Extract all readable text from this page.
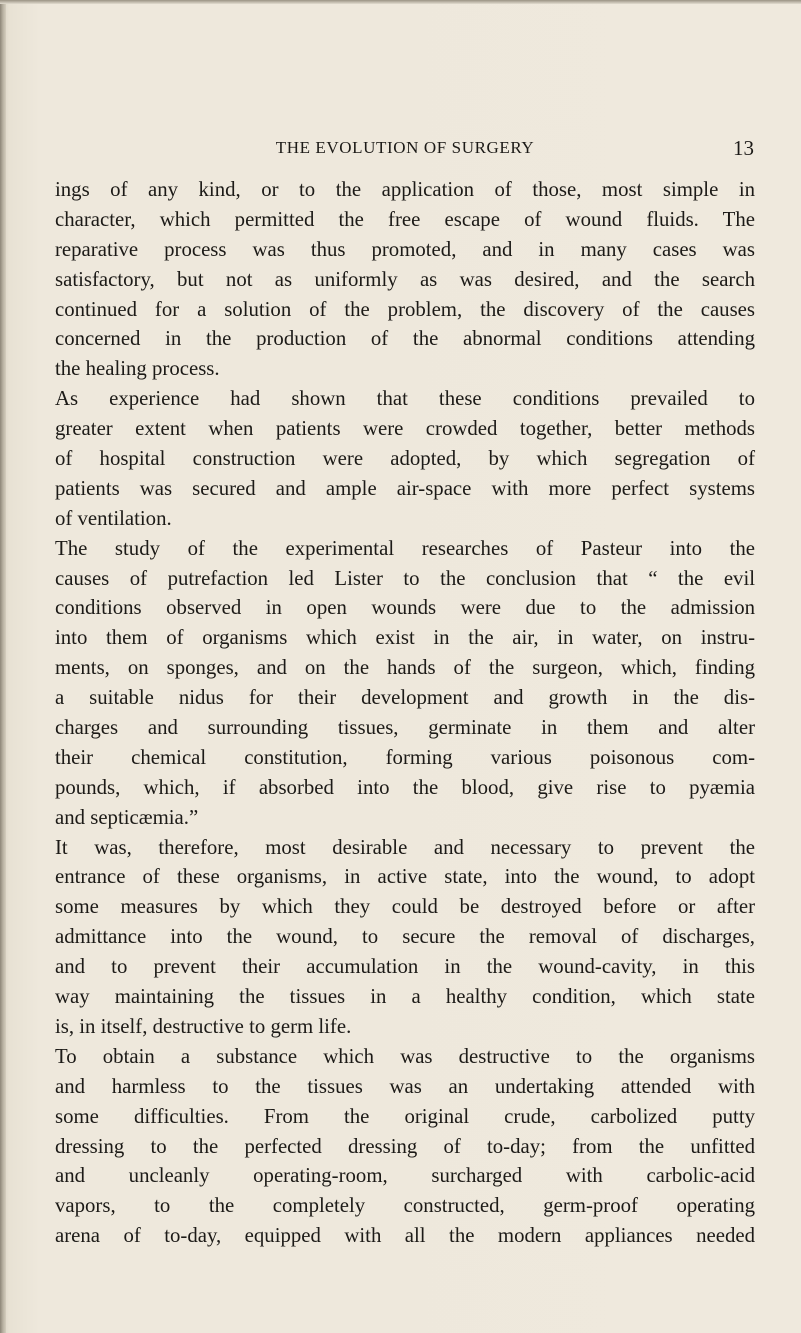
THE EVOLUTION OF SURGERY	13
ings of any kind, or to the application of those, most simple in
character, which permitted the free escape of wound fluids. The
reparative process was thus promoted, and in many cases was
satisfactory, but not as uniformly as was desired, and the search
continued for a solution of the problem, the discovery of the causes
concerned in the production of the abnormal conditions attending
the healing process.
As experience had shown that these conditions prevailed to
greater extent when patients were crowded together, better methods
of hospital construction were adopted, by which segregation of
patients was secured and ample air-space with more perfect systems
of ventilation.
The study of the experimental researches of Pasteur into the
causes of putrefaction led Lister to the conclusion that “ the evil
conditions observed in open wounds were due to the admission
into them of organisms which exist in the air, in water, on instru-
ments, on sponges, and on the hands of the surgeon, which, finding
a suitable nidus for their development and growth in the dis-
charges and surrounding tissues, germinate in them and alter
their chemical constitution, forming various poisonous com-
pounds, which, if absorbed into the blood, give rise to pyæmia
and septicæmia.”
It was, therefore, most desirable and necessary to prevent the
entrance of these organisms, in active state, into the wound, to adopt
some measures by which they could be destroyed before or after
admittance into the wound, to secure the removal of discharges,
and to prevent their accumulation in the wound-cavity, in this
way maintaining the tissues in a healthy condition, which state
is, in itself, destructive to germ life.
To obtain a substance which was destructive to the organisms
and harmless to the tissues was an undertaking attended with
some difficulties. From the original crude, carbolized putty
dressing to the perfected dressing of to-day; from the unfitted
and uncleanly operating-room, surcharged with carbolic-acid
vapors, to the completely constructed, germ-proof operating
arena of to-day, equipped with all the modern appliances needed
